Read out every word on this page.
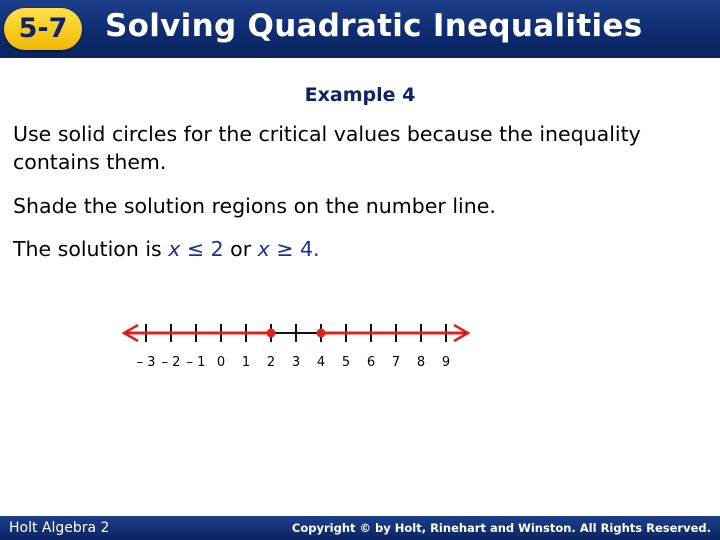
5-7	Solving Quadratic Inequalities
Example 4
Use solid circles for the critical values because the inequality contains them.
Shade the solution regions on the number line.
The solution is x ≤ 2 or x ≥ 4.
– 3 – 2 – 1 0 1 2 3 4 5 6 7 8 9
Holt Algebra 2	Copyright © by Holt, Rinehart and Winston. All Rights Reserved.
